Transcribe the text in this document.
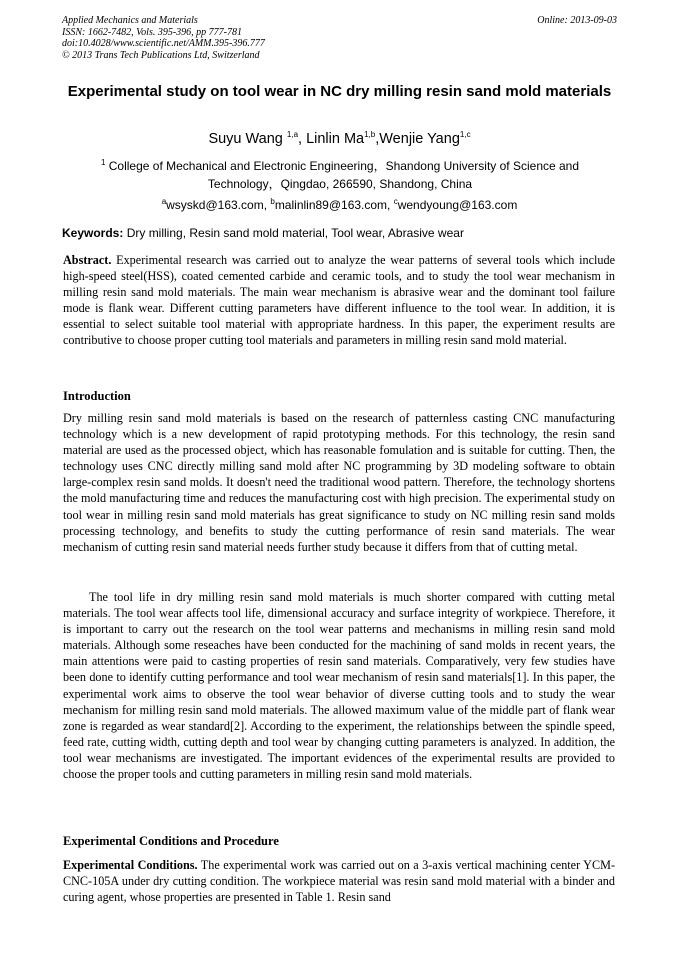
Applied Mechanics and Materials
ISSN: 1662-7482, Vols. 395-396, pp 777-781
doi:10.4028/www.scientific.net/AMM.395-396.777
© 2013 Trans Tech Publications Ltd, Switzerland
Online: 2013-09-03
Experimental study on tool wear in NC dry milling resin sand mold materials
Suyu Wang $^{1,a}$, Linlin Ma$^{1,b}$,Wenjie Yang$^{1,c}$
$^1$ College of Mechanical and Electronic Engineering，Shandong University of Science and Technology，Qingdao, 266590, Shandong, China
$^a$wsyskd@163.com, $^b$malinlin89@163.com, $^c$wendyoung@163.com
Keywords: Dry milling, Resin sand mold material, Tool wear, Abrasive wear
Abstract. Experimental research was carried out to analyze the wear patterns of several tools which include high-speed steel(HSS), coated cemented carbide and ceramic tools, and to study the tool wear mechanism in milling resin sand mold materials. The main wear mechanism is abrasive wear and the dominant tool failure mode is flank wear. Different cutting parameters have different influence to the tool wear. In addition, it is essential to select suitable tool material with appropriate hardness. In this paper, the experiment results are contributive to choose proper cutting tool materials and parameters in milling resin sand mold material.
Introduction
Dry milling resin sand mold materials is based on the research of patternless casting CNC manufacturing technology which is a new development of rapid prototyping methods. For this technology, the resin sand material are used as the processed object, which has reasonable fomulation and is suitable for cutting. Then, the technology uses CNC directly milling sand mold after NC programming by 3D modeling software to obtain large-complex resin sand molds. It doesn't need the traditional wood pattern. Therefore, the technology shortens the mold manufacturing time and reduces the manufacturing cost with high precision. The experimental study on tool wear in milling resin sand mold materials has great significance to study on NC milling resin sand molds processing technology, and benefits to study the cutting performance of resin sand materials. The wear mechanism of cutting resin sand material needs further study because it differs from that of cutting metal.
The tool life in dry milling resin sand mold materials is much shorter compared with cutting metal materials. The tool wear affects tool life, dimensional accuracy and surface integrity of workpiece. Therefore, it is important to carry out the research on the tool wear patterns and mechanisms in milling resin sand mold materials. Although some reseaches have been conducted for the machining of sand molds in recent years, the main attentions were paid to casting properties of resin sand materials. Comparatively, very few studies have been done to identify cutting performance and tool wear mechanism of resin sand materials[1]. In this paper, the experimental work aims to observe the tool wear behavior of diverse cutting tools and to study the wear mechanism for milling resin sand mold materials. The allowed maximum value of the middle part of flank wear zone is regarded as wear standard[2]. According to the experiment, the relationships between the spindle speed, feed rate, cutting width, cutting depth and tool wear by changing cutting parameters is analyzed. In addition, the tool wear mechanisms are investigated. The important evidences of the experimental results are provided to choose the proper tools and cutting parameters in milling resin sand mold materials.
Experimental Conditions and Procedure
Experimental Conditions. The experimental work was carried out on a 3-axis vertical machining center YCM-CNC-105A under dry cutting condition. The workpiece material was resin sand mold material with a binder and curing agent, whose properties are presented in Table 1. Resin sand
